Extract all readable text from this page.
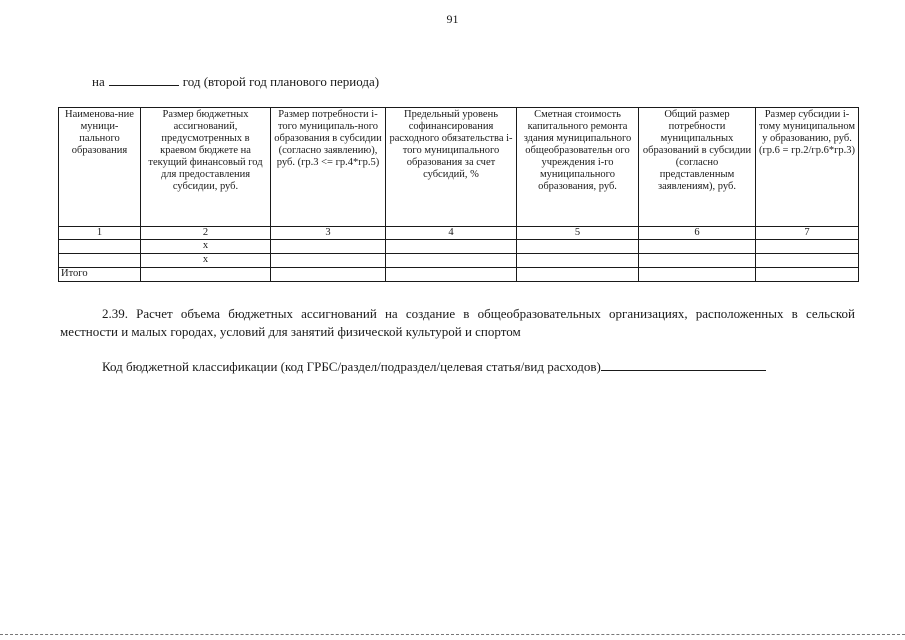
91
на	год (второй год планового периода)
Наименова-ние муници-пального образования	Размер бюджетных ассигнований, предусмотренных в краевом бюджете на текущий финансовый год для предоставления субсидии, руб.	Размер потребности i-того муниципаль-ного образования в субсидии (согласно заявлению), руб. (гр.3 <= гр.4*гр.5)	Предельный уровень софинансирования расходного обязательства i-того муниципального образования за счет субсидий, %	Сметная стоимость капитального ремонта здания муниципального общеобразовательн ого учреждения i-го муниципального образования, руб.	Общий размер потребности муниципальных образований в субсидии (согласно представленным заявлениям), руб.	Размер субсидии i-тому муниципальном у образованию, руб. (гр.6 = гр.2/гр.6*гр.3)
1	2	3	4	5	6	7
	х					
	х					
Итого						
2.39. Расчет объема бюджетных ассигнований на создание в общеобразовательных организациях, расположенных в сельской местности и малых городах, условий для занятий физической культурой и спортом
Код бюджетной классификации (код ГРБС/раздел/подраздел/целевая статья/вид расходов)
